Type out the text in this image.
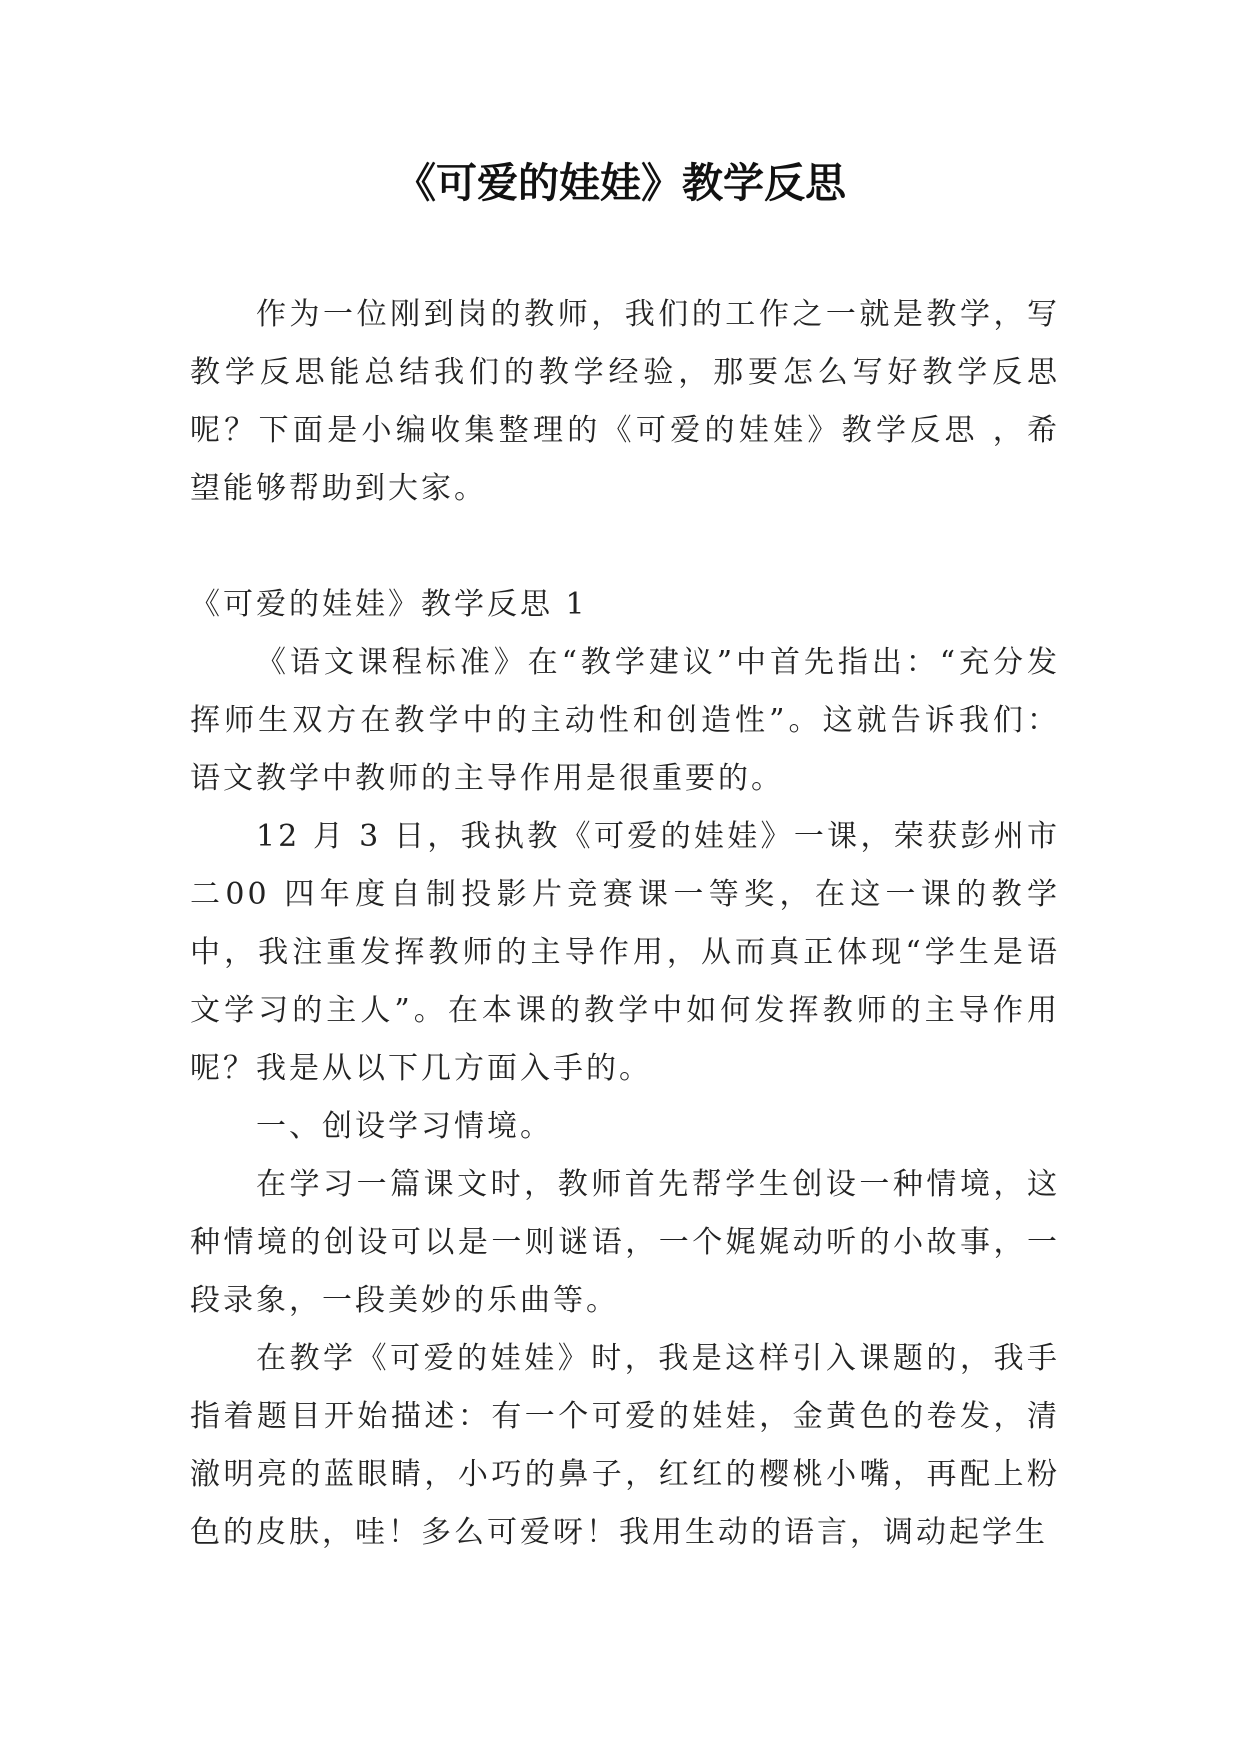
《可爱的娃娃》教学反思

作为一位刚到岗的教师，我们的工作之一就是教学，写教学反思能总结我们的教学经验，那要怎么写好教学反思呢？下面是小编收集整理的《可爱的娃娃》教学反思 ，希望能够帮助到大家。

《可爱的娃娃》教学反思 1

《语文课程标准》在“教学建议”中首先指出：“充分发挥师生双方在教学中的主动性和创造性”。这就告诉我们：语文教学中教师的主导作用是很重要的。

12 月 3 日，我执教《可爱的娃娃》一课，荣获彭州市二00 四年度自制投影片竞赛课一等奖，在这一课的教学中，我注重发挥教师的主导作用，从而真正体现“学生是语文学习的主人”。在本课的教学中如何发挥教师的主导作用呢？我是从以下几方面入手的。

一、创设学习情境。

在学习一篇课文时，教师首先帮学生创设一种情境，这种情境的创设可以是一则谜语，一个娓娓动听的小故事，一段录象，一段美妙的乐曲等。

在教学《可爱的娃娃》时，我是这样引入课题的，我手指着题目开始描述：有一个可爱的娃娃，金黄色的卷发，清澈明亮的蓝眼睛，小巧的鼻子，红红的樱桃小嘴，再配上粉色的皮肤，哇！多么可爱呀！我用生动的语言，调动起学生
